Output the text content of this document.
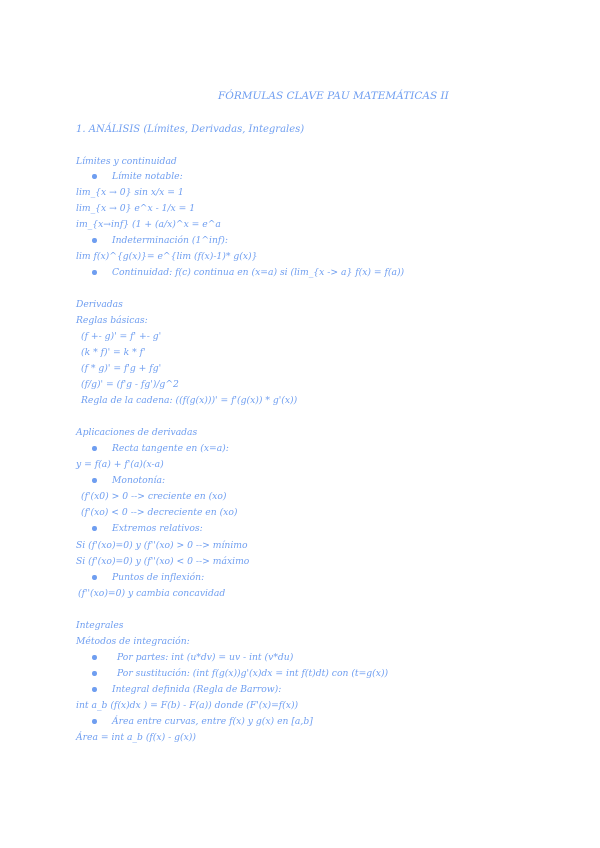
FÓRMULAS CLAVE PAU MATEMÁTICAS II
1. ANÁLISIS (Límites, Derivadas, Integrales)
Límites y continuidad
Límite notable:
lim_{x → 0} sin x/x = 1
lim_{x → 0} e^x - 1/x = 1
im_{x→inf} (1 + (a/x)^x = e^a
Indeterminación (1^inf):
lim f(x)^{g(x)}= e^{lim (f(x)-1)* g(x)}
Continuidad: f(c) continua en (x=a) si (lim_{x -> a} f(x) = f(a))
Derivadas
Reglas básicas:
(f +- g)' = f' +- g'
(k * f)' = k * f'
(f * g)' = f'g + fg'
(f/g)' = (f'g - fg')/g^2
Regla de la cadena: ((f(g(x)))' = f'(g(x)) * g'(x))
Aplicaciones de derivadas
Recta tangente en (x=a):
y = f(a) + f'(a)(x-a)
Monotonía:
(f'(x0) > 0 --> creciente en (xo)
(f'(xo) < 0 --> decreciente en (xo)
Extremos relativos:
Si (f'(xo)=0) y (f''(xo) > 0 --> mínimo
Si (f'(xo)=0) y (f''(xo) < 0 --> máximo
Puntos de inflexión:
(f''(xo)=0) y cambia concavidad
Integrales
Métodos de integración:
Por partes: int (u*dv) = uv - int (v*du)
Por sustitución: (int f(g(x))g'(x)dx = int f(t)dt) con (t=g(x))
Integral definida (Regla de Barrow):
int a_b (f(x)dx ) = F(b) - F(a)) donde (F'(x)=f(x))
Área entre curvas, entre f(x) y g(x) en [a,b]
Área = int a_b (f(x) - g(x))
